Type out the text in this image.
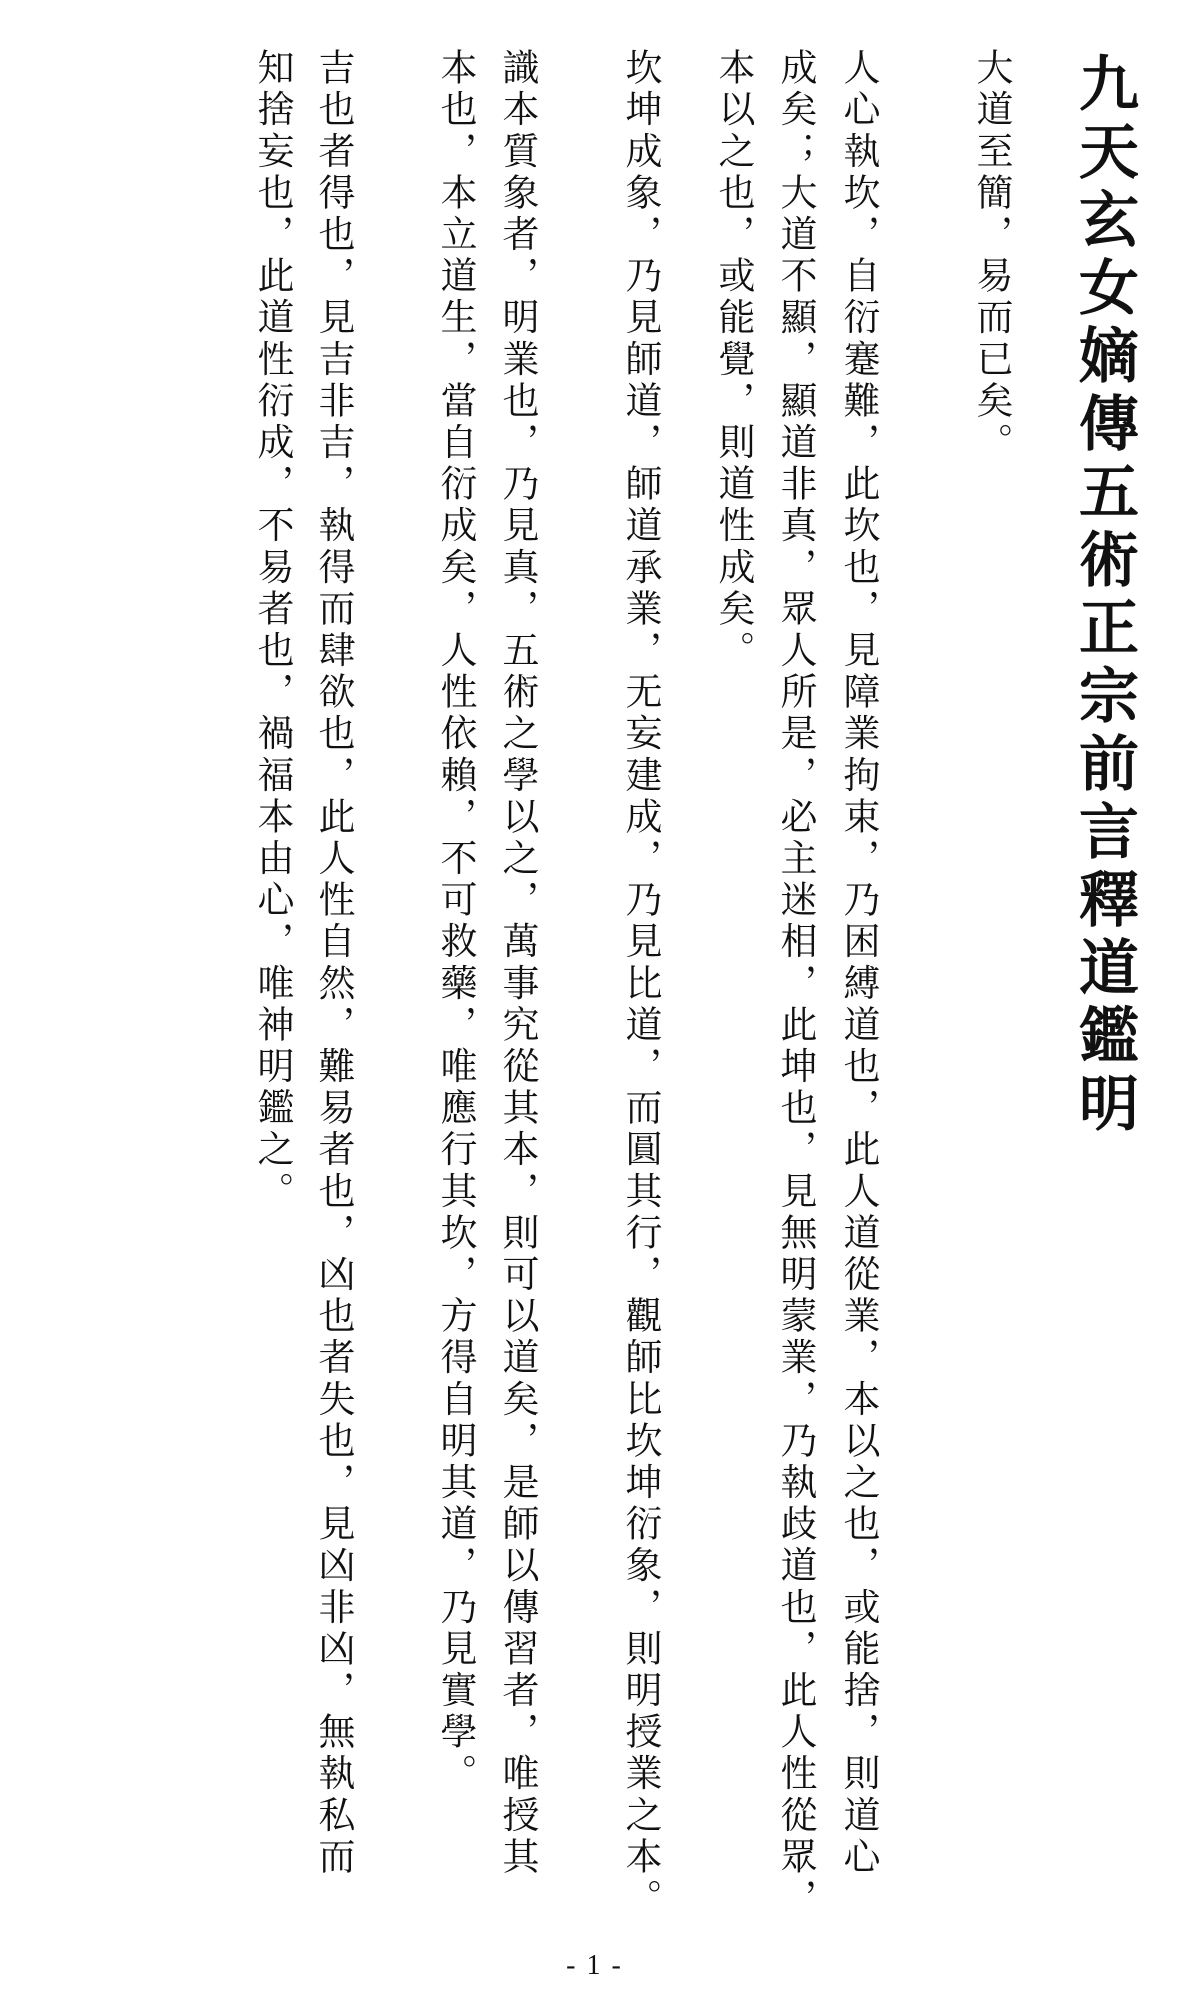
九天玄女嫡傳五術正宗前言釋道鑑明
大道至簡，易而已矣。
人心執坎，自衍蹇難，此坎也，見障業拘束，乃困縛道也，此人道從業，本以之也，或能捨，則道心
成矣；大道不顯，顯道非真，眾人所是，必主迷相，此坤也，見無明蒙業，乃執歧道也，此人性從眾，
本以之也，或能覺，則道性成矣。
坎坤成象，乃見師道，師道承業，无妄建成，乃見比道，而圓其行，觀師比坎坤衍象，則明授業之本。
識本質象者，明業也，乃見真，五術之學以之，萬事究從其本，則可以道矣，是師以傳習者，唯授其
本也，本立道生，當自衍成矣，人性依賴，不可救藥，唯應行其坎，方得自明其道，乃見實學。
吉也者得也，見吉非吉，執得而肆欲也，此人性自然，難易者也，凶也者失也，見凶非凶，無執私而
知捨妄也，此道性衍成，不易者也，禍福本由心，唯神明鑑之。
- 1 -
